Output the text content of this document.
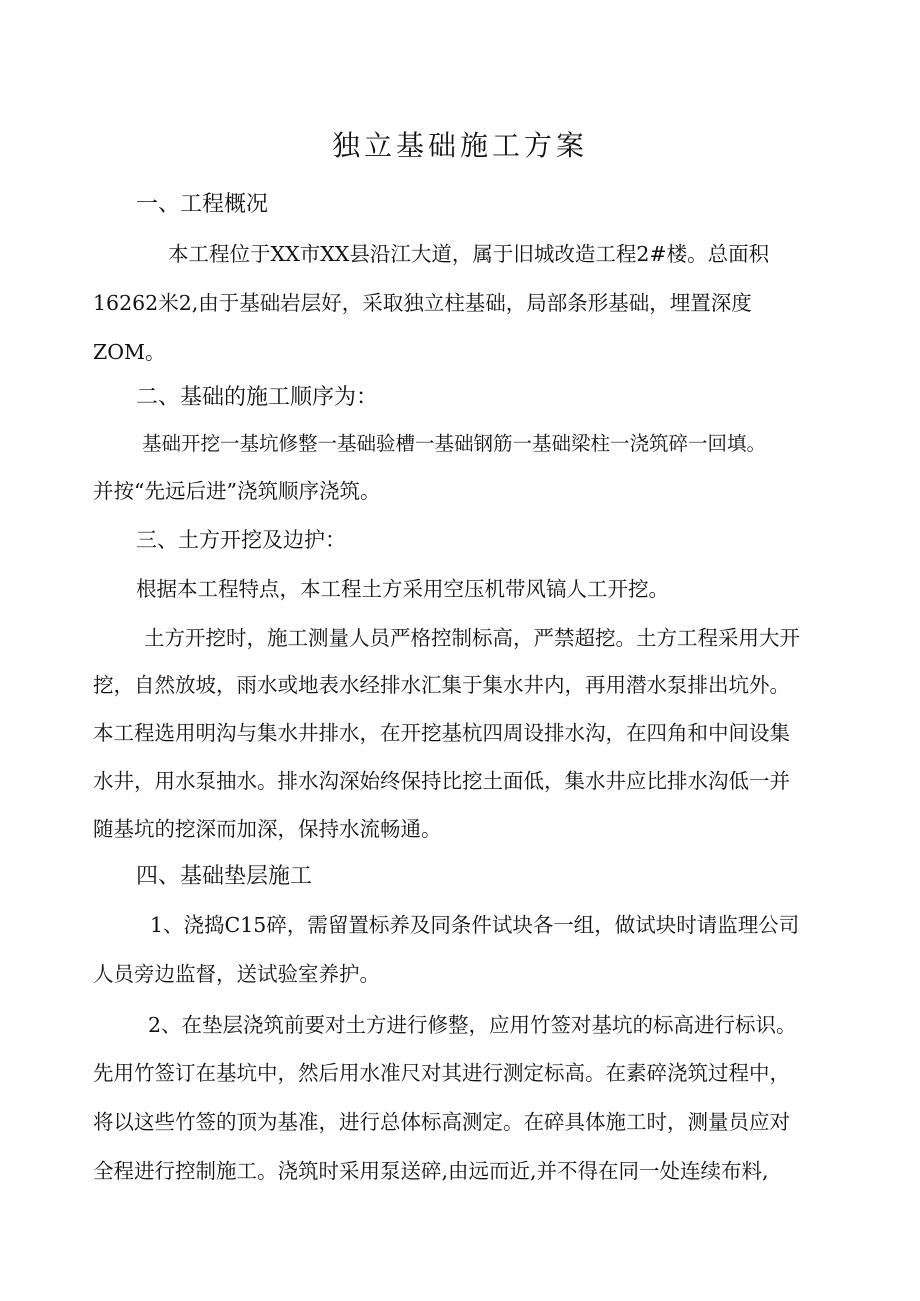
独立基础施工方案
一、工程概况
本工程位于XX市XX县沿江大道，属于旧城改造工程2#楼。总面积
16262米2,由于基础岩层好，采取独立柱基础，局部条形基础，埋置深度
ZOM。
二、基础的施工顺序为：
基础开挖一基坑修整一基础验槽一基础钢筋一基础梁柱一浇筑碎一回填。
并按“先远后进”浇筑顺序浇筑。
三、土方开挖及边护：
根据本工程特点，本工程土方采用空压机带风镐人工开挖。
土方开挖时，施工测量人员严格控制标高，严禁超挖。土方工程采用大开
挖，自然放坡，雨水或地表水经排水汇集于集水井内，再用潜水泵排出坑外。
本工程选用明沟与集水井排水，在开挖基杭四周设排水沟，在四角和中间设集
水井，用水泵抽水。排水沟深始终保持比挖土面低，集水井应比排水沟低一并
随基坑的挖深而加深，保持水流畅通。
四、基础垫层施工
1、浇捣C15碎，需留置标养及同条件试块各一组，做试块时请监理公司
人员旁边监督，送试验室养护。
2、在垫层浇筑前要对土方进行修整，应用竹签对基坑的标高进行标识。
先用竹签订在基坑中，然后用水准尺对其进行测定标高。在素碎浇筑过程中，
将以这些竹签的顶为基准，进行总体标高测定。在碎具体施工时，测量员应对
全程进行控制施工。浇筑时采用泵送碎,由远而近,并不得在同一处连续布料,
